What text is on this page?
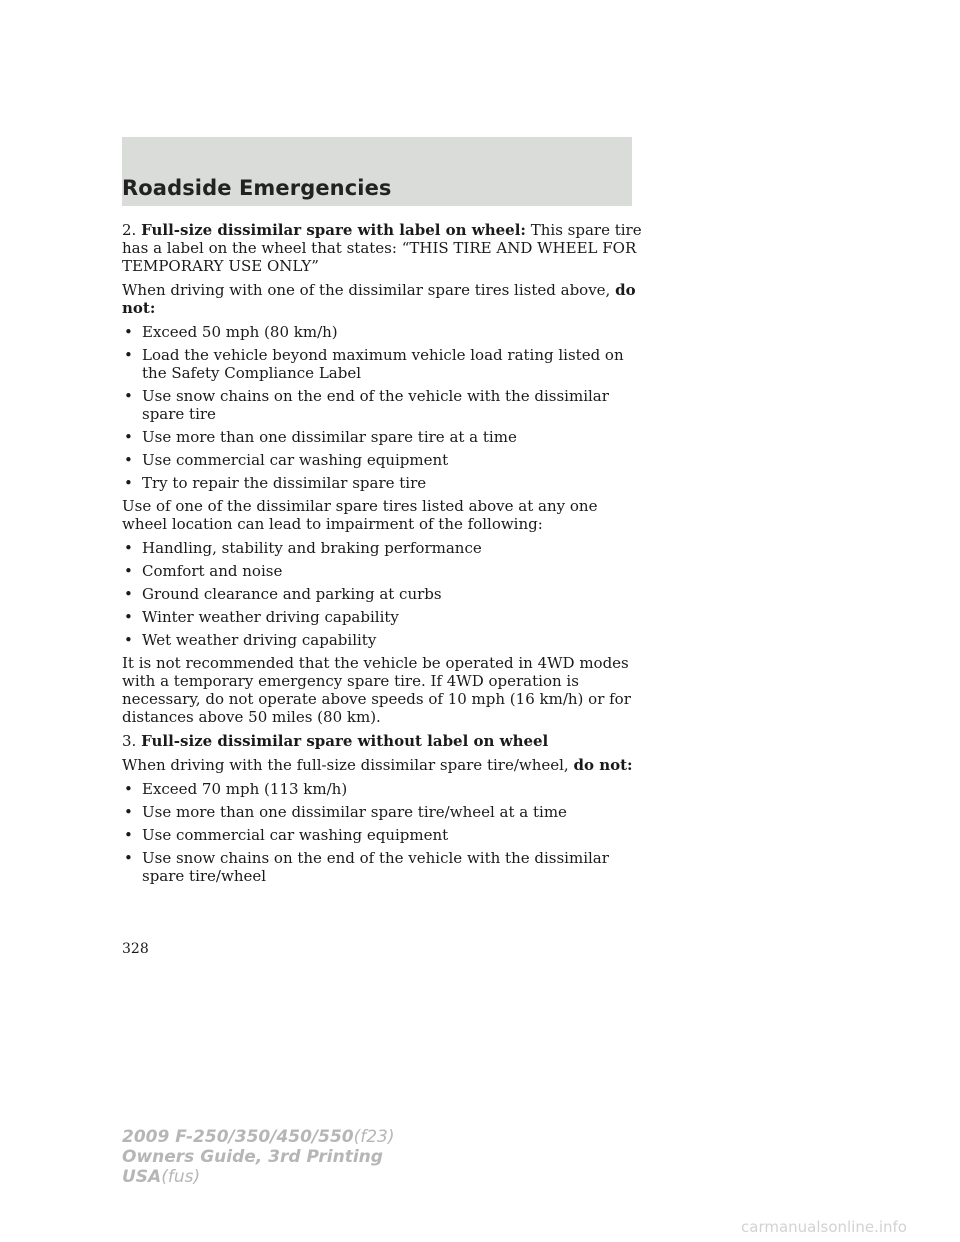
Roadside Emergencies

2. Full-size dissimilar spare with label on wheel: This spare tire has a label on the wheel that states: “THIS TIRE AND WHEEL FOR TEMPORARY USE ONLY”

When driving with one of the dissimilar spare tires listed above, do not:

• Exceed 50 mph (80 km/h)
• Load the vehicle beyond maximum vehicle load rating listed on the Safety Compliance Label
• Use snow chains on the end of the vehicle with the dissimilar spare tire
• Use more than one dissimilar spare tire at a time
• Use commercial car washing equipment
• Try to repair the dissimilar spare tire

Use of one of the dissimilar spare tires listed above at any one wheel location can lead to impairment of the following:

• Handling, stability and braking performance
• Comfort and noise
• Ground clearance and parking at curbs
• Winter weather driving capability
• Wet weather driving capability

It is not recommended that the vehicle be operated in 4WD modes with a temporary emergency spare tire. If 4WD operation is necessary, do not operate above speeds of 10 mph (16 km/h) or for distances above 50 miles (80 km).

3. Full-size dissimilar spare without label on wheel

When driving with the full-size dissimilar spare tire/wheel, do not:

• Exceed 70 mph (113 km/h)
• Use more than one dissimilar spare tire/wheel at a time
• Use commercial car washing equipment
• Use snow chains on the end of the vehicle with the dissimilar spare tire/wheel
328
2009 F-250/350/450/550(f23)
Owners Guide, 3rd Printing
USA(fus)
carmanualsonline.info
